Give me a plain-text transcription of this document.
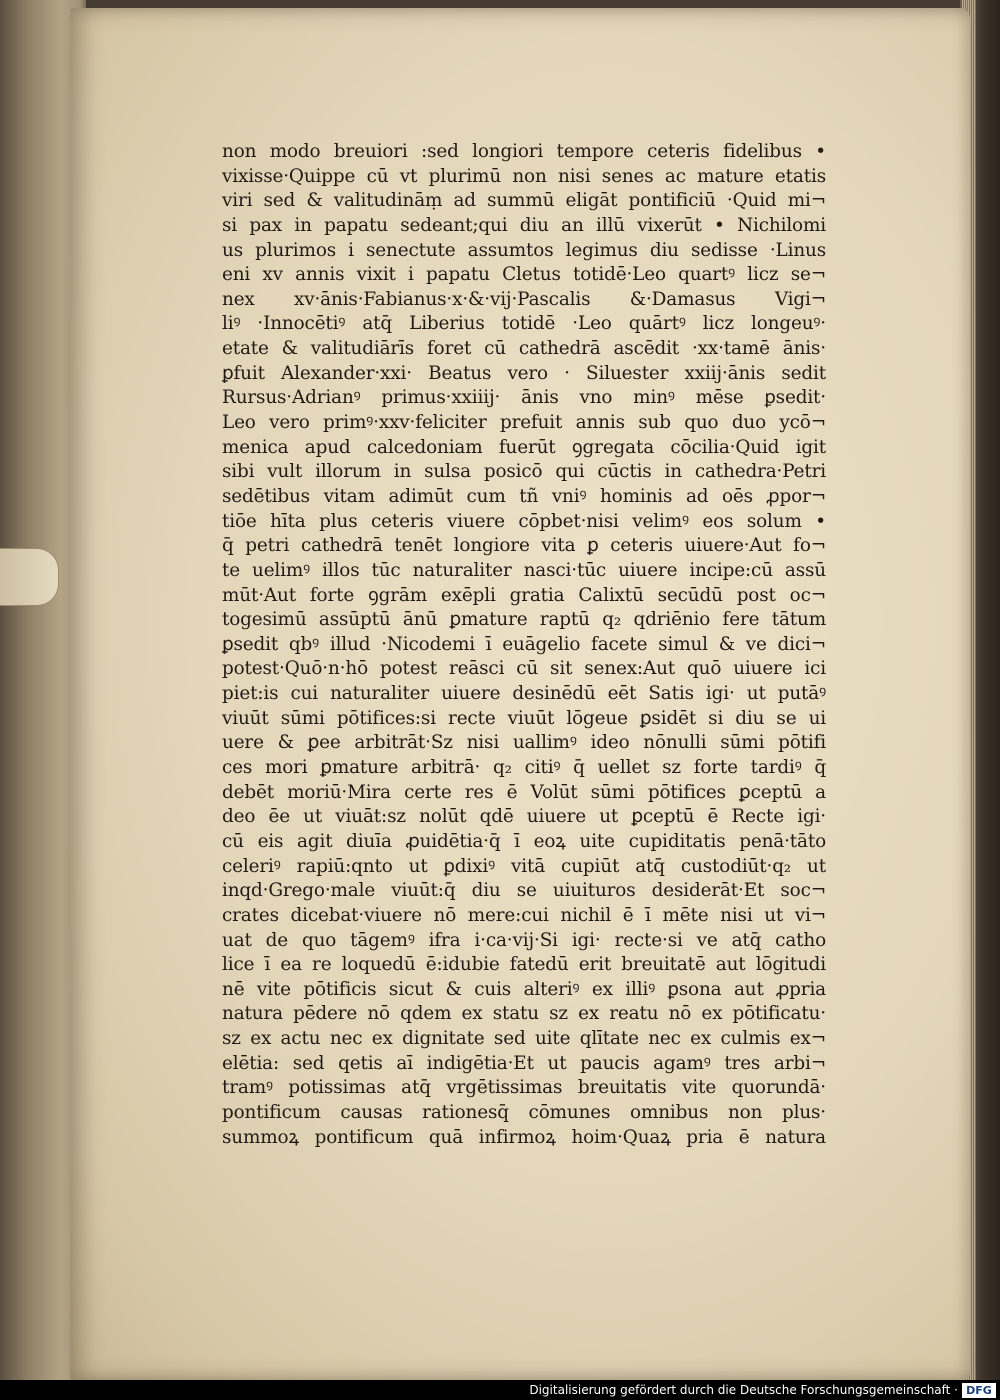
non modo breuiori :sed longiori tempore ceteris fidelibus •
vixisse·Quippe cū vt plurimū non nisi senes ac mature etatis
viri sed & valitudināṃ ad summū eligāt pontificiū ·Quid mi¬
si pax in papatu sedeant;qui diu an illū vixerūt • Nichilomi
us plurimos i senectute assumtos legimus diu sedisse ·Linus
eni xv annis vixit i papatu Cletus totidē·Leo quartꝰ licz se¬
nex xv·ānis·Fabianus·x·&·vij·Pascalis &·Damasus Vigi¬
liꝰ ·Innocētiꝰ atq̄ Liberius totidē ·Leo quārtꝰ licz longeuꝰ·
etate & valitudiārīs foret cū cathedrā ascēdit ·xx·tamē ānis·
ꝑfuit Alexander·xxi· Beatus vero · Siluester xxiij·ānis sedit
Rursus·Adrianꝰ primus·xxiiij· ānis vno minꝰ mēse ꝑsedit·
Leo vero primꝰ·xxv·feliciter prefuit annis sub quo duo ycō¬
menica apud calcedoniam fuerūt ꝯgregata cōcilia·Quid igit
sibi vult illorum in sulsa posicō qui cūctis in cathedra·Petri
sedētibus vitam adimūt cum tñ vniꝰ hominis ad oēs ꝓpor¬
tiōe hīta plus ceteris viuere cōpbet·nisi velimꝰ eos solum •
q̄ petri cathedrā tenēt longiore vita ꝑ ceteris uiuere·Aut fo¬
te uelimꝰ illos tūc naturaliter nasci·tūc uiuere incipe:cū assū
mūt·Aut forte ꝯgrām exēpli gratia Calixtū secūdū post oc¬
togesimū assūptū ānū ꝑmature raptū q₂ qdriēnio fere tātum
ꝑsedit qbꝰ illud ·Nicodemi ī euāgelio facete simul & ve dici¬
potest·Quō·n·hō potest reāsci cū sit senex:Aut quō uiuere ici
piet:is cui naturaliter uiuere desinēdū eēt Satis igi· ut putāꝰ
viuūt sūmi pōtifices:si recte viuūt lōgeue ꝑsidēt si diu se ui
uere & ꝑee arbitrāt·Sz nisi uallimꝰ ideo nōnulli sūmi pōtifi
ces mori ꝑmature arbitrā· q₂ citiꝰ q̄ uellet sz forte tardiꝰ q̄
debēt moriū·Mira certe res ē Volūt sūmi pōtifices ꝑceptū a
deo ēe ut viuāt:sz nolūt qdē uiuere ut ꝑceptū ē Recte igi·
cū eis agit diuīa ꝓuidētia·q̄ ī eoꝝ uite cupiditatis penā·tāto
celeriꝰ rapiū:qnto ut ꝑdixiꝰ vitā cupiūt atq̄ custodiūt·q₂ ut
inqd·Grego·male viuūt:q̄ diu se uiuituros desiderāt·Et soc¬
crates dicebat·viuere nō mere:cui nichil ē ī mēte nisi ut vi¬
uat de quo tāgemꝰ ifra i·ca·vij·Si igi· recte·si ve atq̄ catho
lice ī ea re loquedū ē:idubie fatedū erit breuitatē aut lōgitudi
nē vite pōtificis sicut & cuis alteriꝰ ex illiꝰ ꝑsona aut ꝓpria
natura pēdere nō qdem ex statu sz ex reatu nō ex pōtificatu·
sz ex actu nec ex dignitate sed uite qlītate nec ex culmis ex¬
elētia: sed qetis aī indigētia·Et ut paucis agamꝰ tres arbi¬
tramꝰ potissimas atq̄ vrgētissimas breuitatis vite quorundā·
pontificum causas rationesq̄ cōmunes omnibus non plus·
summoꝝ pontificum quā infirmoꝝ hoim·Quaꝝ pria ē natura
Digitalisierung gefördert durch die Deutsche Forschungsgemeinschaft · DFG
